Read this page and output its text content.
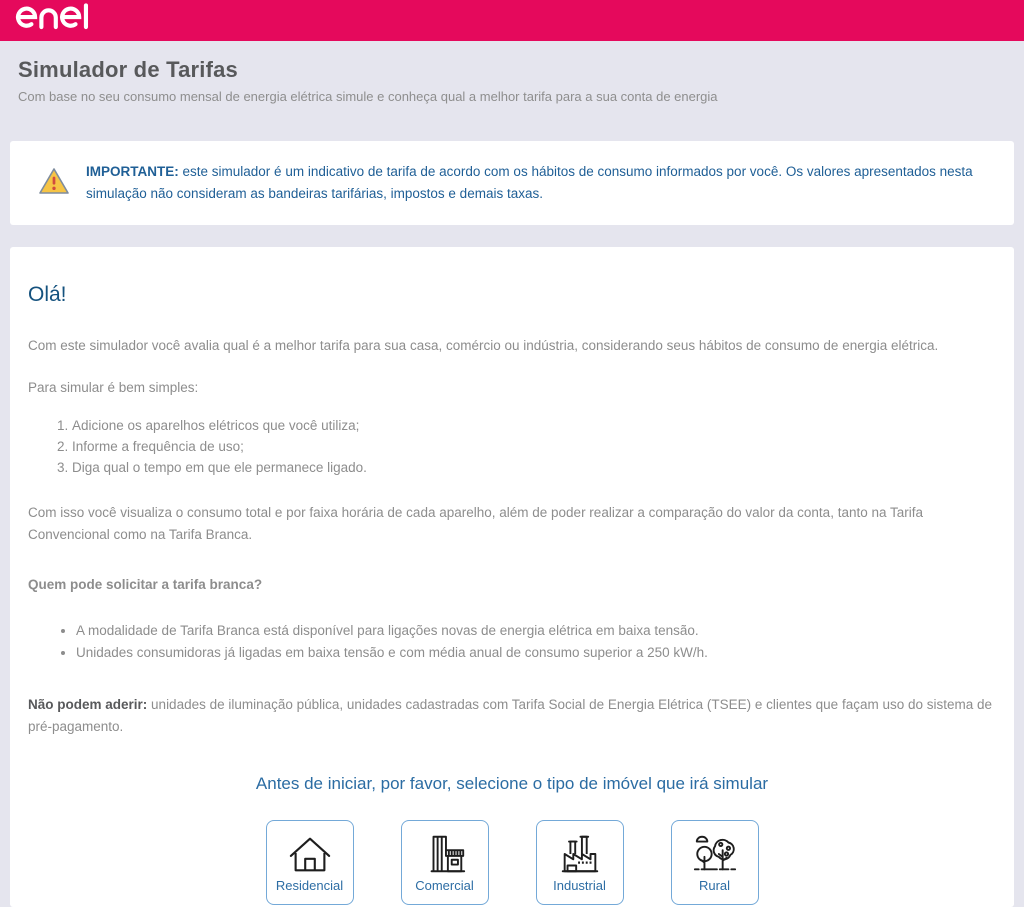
Simulador de Tarifas

Com base no seu consumo mensal de energia elétrica simule e conheça qual a melhor tarifa para a sua conta de energia

IMPORTANTE: este simulador é um indicativo de tarifa de acordo com os hábitos de consumo informados por você. Os valores apresentados nesta simulação não consideram as bandeiras tarifárias, impostos e demais taxas.

Olá!

Com este simulador você avalia qual é a melhor tarifa para sua casa, comércio ou indústria, considerando seus hábitos de consumo de energia elétrica.

Para simular é bem simples:

1. Adicione os aparelhos elétricos que você utiliza;
2. Informe a frequência de uso;
3. Diga qual o tempo em que ele permanece ligado.

Com isso você visualiza o consumo total e por faixa horária de cada aparelho, além de poder realizar a comparação do valor da conta, tanto na Tarifa Convencional como na Tarifa Branca.

Quem pode solicitar a tarifa branca?

• A modalidade de Tarifa Branca está disponível para ligações novas de energia elétrica em baixa tensão.
• Unidades consumidoras já ligadas em baixa tensão e com média anual de consumo superior a 250 kW/h.

Não podem aderir: unidades de iluminação pública, unidades cadastradas com Tarifa Social de Energia Elétrica (TSEE) e clientes que façam uso do sistema de pré-pagamento.

Antes de iniciar, por favor, selecione o tipo de imóvel que irá simular

Residencial	Comercial	Industrial	Rural
